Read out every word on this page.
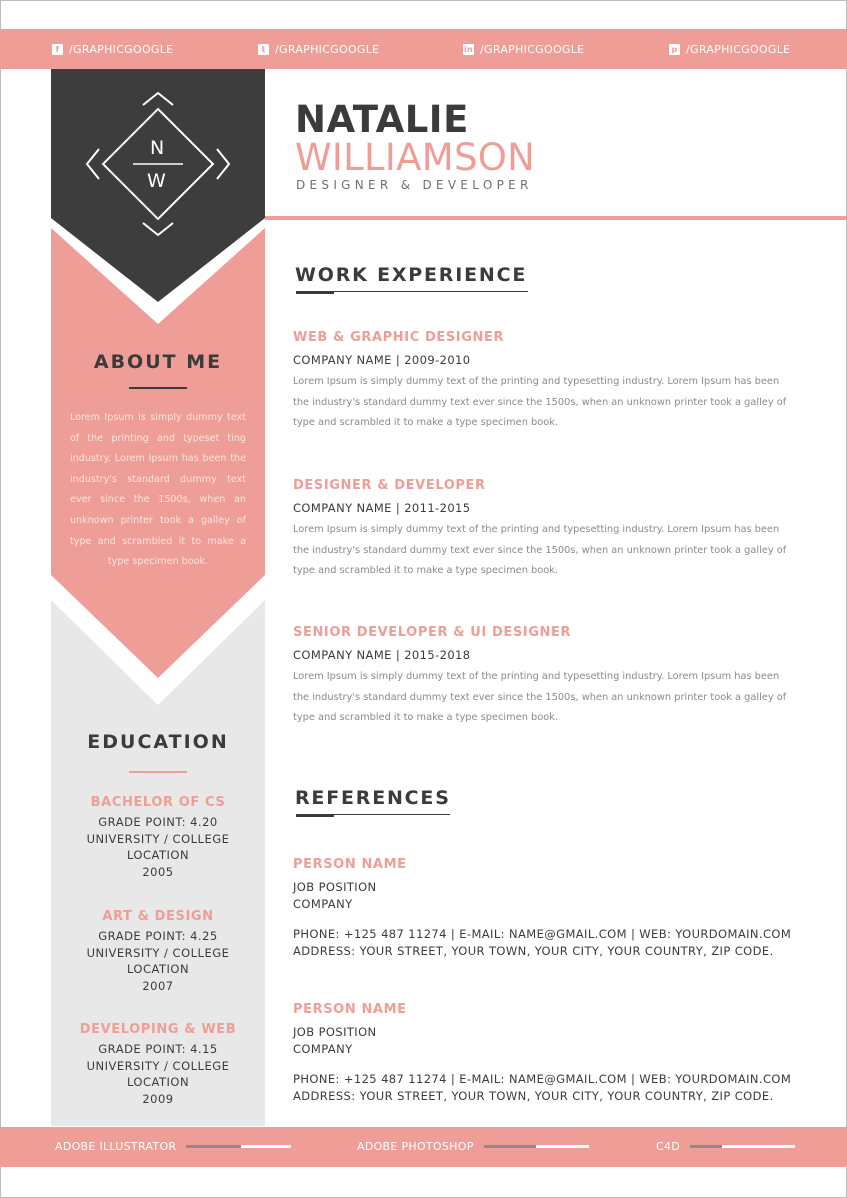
f /GRAPHICGOOGLE	t /GRAPHICGOOGLE	in /GRAPHICGOOGLE	p /GRAPHICGOOGLE
N
W
ABOUT ME
Lorem Ipsum is simply dummy text of the printing and typeset ting industry. Lorem Ipsum has been the industry's standard dummy text ever since the 1500s, when an unknown printer took a galley of type and scrambled it to make a type specimen book.
EDUCATION
BACHELOR OF CS
GRADE POINT: 4.20
UNIVERSITY / COLLEGE
LOCATION
2005
ART & DESIGN
GRADE POINT: 4.25
UNIVERSITY / COLLEGE
LOCATION
2007
DEVELOPING & WEB
GRADE POINT: 4.15
UNIVERSITY / COLLEGE
LOCATION
2009
NATALIE
WILLIAMSON
DESIGNER & DEVELOPER
WORK EXPERIENCE
WEB & GRAPHIC DESIGNER
COMPANY NAME | 2009-2010
Lorem Ipsum is simply dummy text of the printing and typesetting industry. Lorem Ipsum has been
the industry's standard dummy text ever since the 1500s, when an unknown printer took a galley of
type and scrambled it to make a type specimen book.
DESIGNER & DEVELOPER
COMPANY NAME | 2011-2015
Lorem Ipsum is simply dummy text of the printing and typesetting industry. Lorem Ipsum has been
the industry's standard dummy text ever since the 1500s, when an unknown printer took a galley of
type and scrambled it to make a type specimen book.
SENIOR DEVELOPER & UI DESIGNER
COMPANY NAME | 2015-2018
Lorem Ipsum is simply dummy text of the printing and typesetting industry. Lorem Ipsum has been
the industry's standard dummy text ever since the 1500s, when an unknown printer took a galley of
type and scrambled it to make a type specimen book.
REFERENCES
PERSON NAME
JOB POSITION
COMPANY
PHONE: +125 487 11274 | E-MAIL: NAME@GMAIL.COM | WEB: YOURDOMAIN.COM
ADDRESS: YOUR STREET, YOUR TOWN, YOUR CITY, YOUR COUNTRY, ZIP CODE.
PERSON NAME
JOB POSITION
COMPANY
PHONE: +125 487 11274 | E-MAIL: NAME@GMAIL.COM | WEB: YOURDOMAIN.COM
ADDRESS: YOUR STREET, YOUR TOWN, YOUR CITY, YOUR COUNTRY, ZIP CODE.
ADOBE ILLUSTRATOR	ADOBE PHOTOSHOP	C4D
